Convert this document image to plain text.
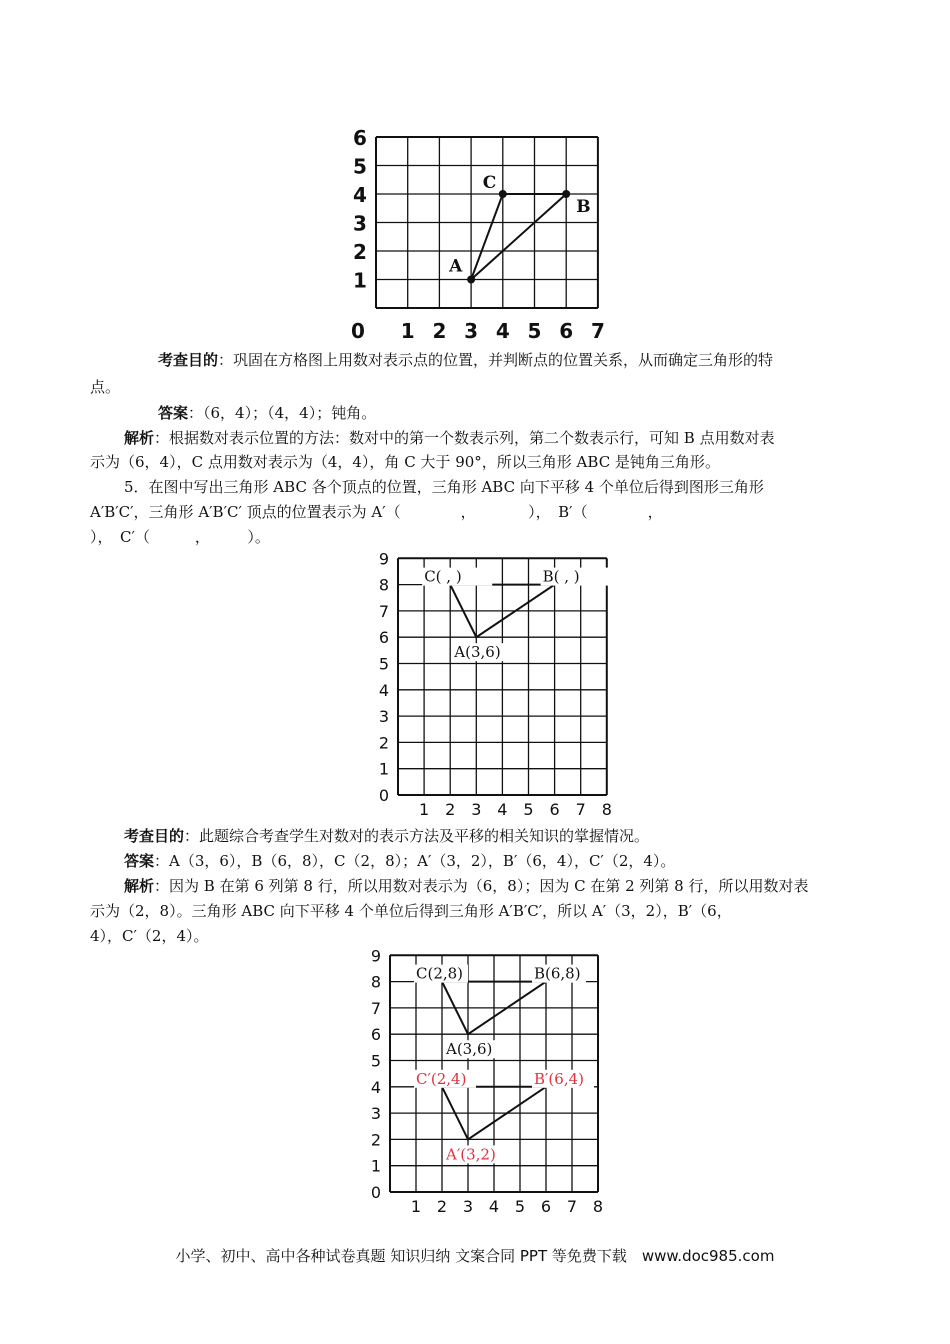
0 1 2 3 4 5 6 7
1
2
3
4
5
6
A
C
B
考查目的：巩固在方格图上用数对表示点的位置，并判断点的位置关系，从而确定三角形的特
点。
答案：（6，4）；（4，4）；钝角。
解析：根据数对表示位置的方法：数对中的第一个数表示列，第二个数表示行，可知 B 点用数对表
示为（6，4），C 点用数对表示为（4，4），角 C 大于 90°，所以三角形 ABC 是钝角三角形。
5．在图中写出三角形 ABC 各个顶点的位置，三角形 ABC 向下平移 4 个单位后得到图形三角形
A′B′C′，三角形 A′B′C′ 顶点的位置表示为 A′（　　　　，　　　　），　B′（　　　　，
），　C′（　　　，　　　）。
1 2 3 4 5 6 7 8
0
1
2
3
4
5
6
7
8
9
A(3,6)
C( , )	B( , )
考查目的：此题综合考查学生对数对的表示方法及平移的相关知识的掌握情况。
答案：A（3，6），B（6，8），C（2，8）；A′（3，2），B′（6，4），C′（2，4）。
解析：因为 B 在第 6 列第 8 行，所以用数对表示为（6，8）；因为 C 在第 2 列第 8 行，所以用数对表
示为（2，8）。三角形 ABC 向下平移 4 个单位后得到三角形 A′B′C′，所以 A′（3，2），B′（6，
4），C′（2，4）。
1 2 3 4 5 6 7 8
0
1
2
3
4
5
6
7
8
9
A(3,6)
C(2,8)	B(6,8)
A′(3,2)
C′(2,4)	B′(6,4)
小学、初中、高中各种试卷真题 知识归纳 文案合同 PPT 等免费下载　www.doc985.com
